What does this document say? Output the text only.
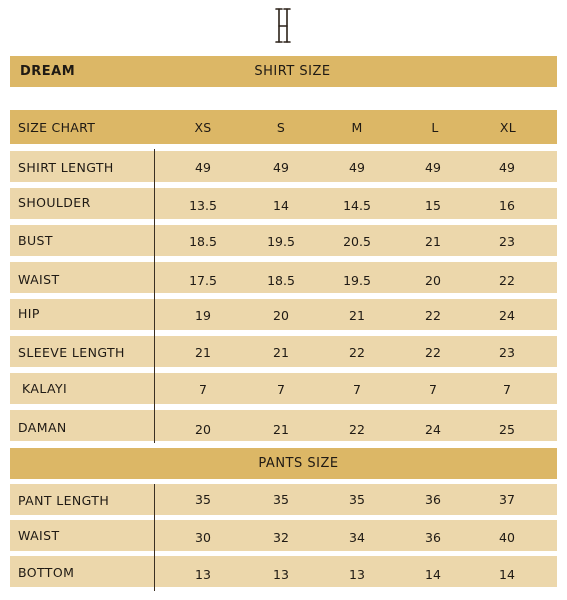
DREAM	SHIRT SIZE
SIZE CHART	XS	S	M	L	XL
SHIRT LENGTH	49	49	49	49	49
SHOULDER	13.5	14	14.5	15	16
BUST	18.5	19.5	20.5	21	23
WAIST	17.5	18.5	19.5	20	22
HIP	19	20	21	22	24
SLEEVE LENGTH	21	21	22	22	23
KALAYI	7	7	7	7	7
DAMAN	20	21	22	24	25
PANTS SIZE
PANT LENGTH	35	35	35	36	37
WAIST	30	32	34	36	40
BOTTOM	13	13	13	14	14
